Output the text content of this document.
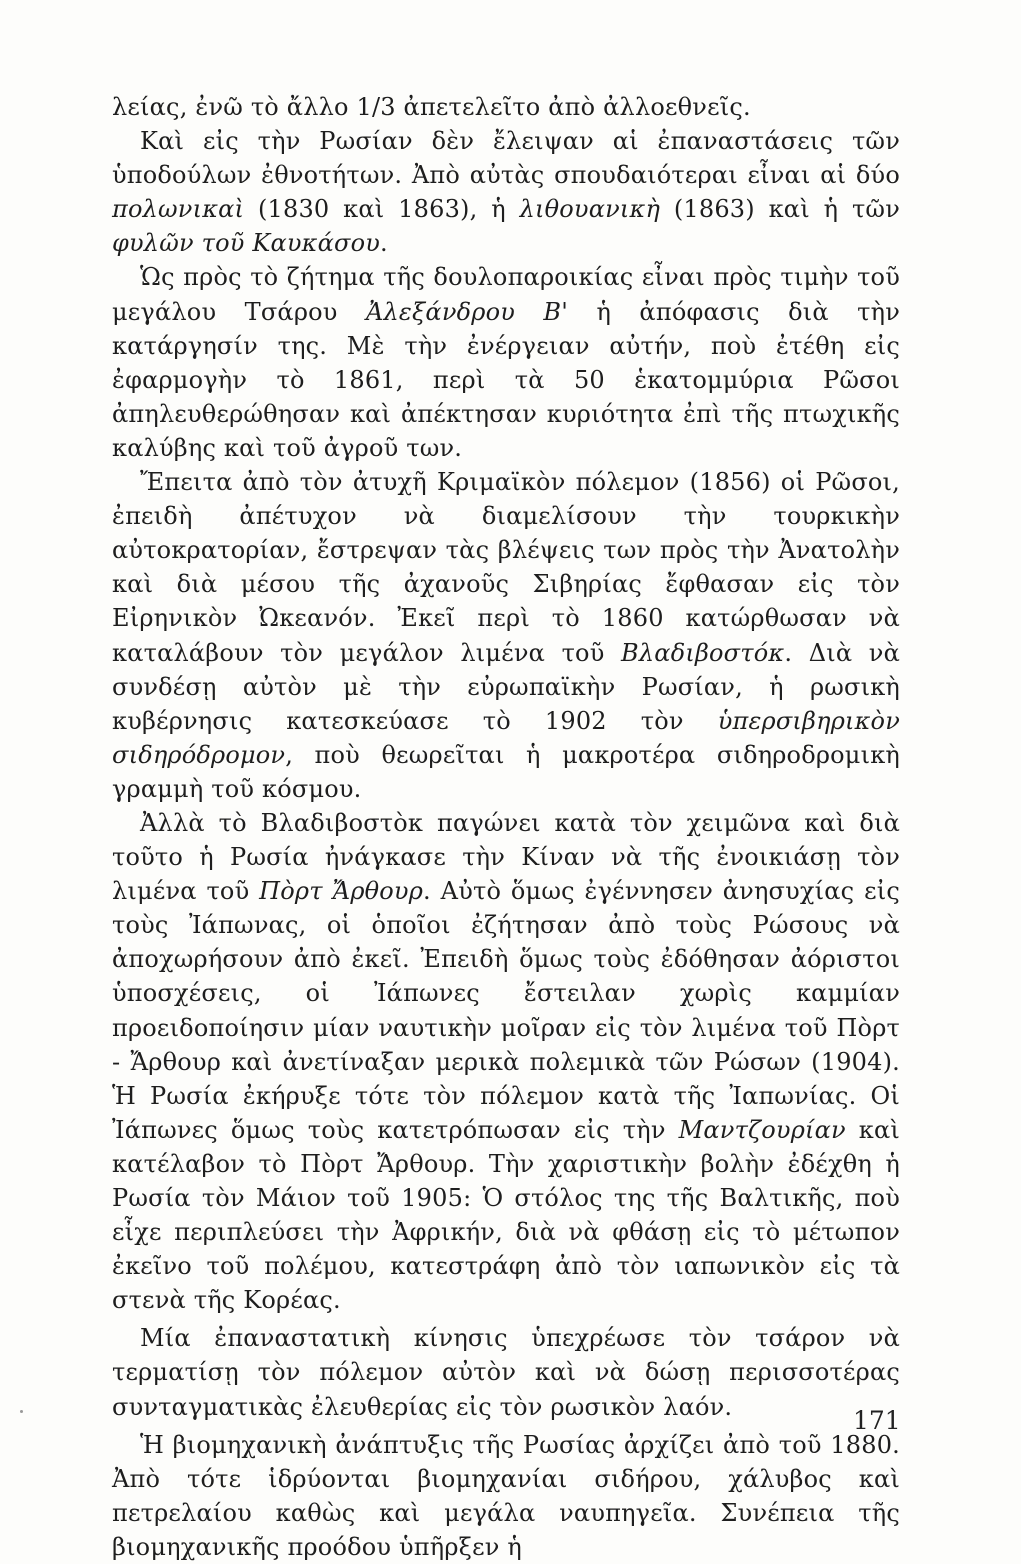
λείας, ἐνῶ τὸ ἄλλο 1/3 ἀπετελεῖτο ἀπὸ ἀλλοεθνεῖς.

Καὶ εἰς τὴν Ρωσίαν δὲν ἔλειψαν αἱ ἐπαναστάσεις τῶν ὑποδούλων ἐθνοτήτων. Ἀπὸ αὐτὰς σπουδαιότεραι εἶναι αἱ δύο πολωνικαὶ (1830 καὶ 1863), ἡ λιθουανικὴ (1863) καὶ ἡ τῶν φυλῶν τοῦ Καυκάσου.

Ὡς πρὸς τὸ ζήτημα τῆς δουλοπαροικίας εἶναι πρὸς τιμὴν τοῦ μεγάλου Τσάρου Ἀλεξάνδρου Β' ἡ ἀπόφασις διὰ τὴν κατάργησίν της. Μὲ τὴν ἐνέργειαν αὐτήν, ποὺ ἐτέθη εἰς ἐφαρμογὴν τὸ 1861, περὶ τὰ 50 ἑκατομμύρια Ρῶσοι ἀπηλευθερώθησαν καὶ ἀπέκτησαν κυριότητα ἐπὶ τῆς πτωχικῆς καλύβης καὶ τοῦ ἀγροῦ των.

Ἔπειτα ἀπὸ τὸν ἀτυχῆ Κριμαϊκὸν πόλεμον (1856) οἱ Ρῶσοι, ἐπειδὴ ἀπέτυχον νὰ διαμελίσουν τὴν τουρκικὴν αὐτοκρατορίαν, ἔστρεψαν τὰς βλέψεις των πρὸς τὴν Ἀνατολὴν καὶ διὰ μέσου τῆς ἀχανοῦς Σιβηρίας ἔφθασαν εἰς τὸν Εἰρηνικὸν Ὠκεανόν. Ἐκεῖ περὶ τὸ 1860 κατώρθωσαν νὰ καταλάβουν τὸν μεγάλον λιμένα τοῦ Βλαδιβοστόκ. Διὰ νὰ συνδέσῃ αὐτὸν μὲ τὴν εὐρωπαϊκὴν Ρωσίαν, ἡ ρωσικὴ κυβέρνησις κατεσκεύασε τὸ 1902 τὸν ὑπερσιβηρικὸν σιδηρόδρομον, ποὺ θεωρεῖται ἡ μακροτέρα σιδηροδρομικὴ γραμμὴ τοῦ κόσμου.

Ἀλλὰ τὸ Βλαδιβοστὸκ παγώνει κατὰ τὸν χειμῶνα καὶ διὰ τοῦτο ἡ Ρωσία ἠνάγκασε τὴν Κίναν νὰ τῆς ἐνοικιάσῃ τὸν λιμένα τοῦ Πὸρτ Ἄρθουρ. Αὐτὸ ὅμως ἐγέννησεν ἀνησυχίας εἰς τοὺς Ἰάπωνας, οἱ ὁποῖοι ἐζήτησαν ἀπὸ τοὺς Ρώσους νὰ ἀποχωρήσουν ἀπὸ ἐκεῖ. Ἐπειδὴ ὅμως τοὺς ἐδόθησαν ἀόριστοι ὑποσχέσεις, οἱ Ἰάπωνες ἔστειλαν χωρὶς καμμίαν προειδοποίησιν μίαν ναυτικὴν μοῖραν εἰς τὸν λιμένα τοῦ Πὸρτ - Ἄρθουρ καὶ ἀνετίναξαν μερικὰ πολεμικὰ τῶν Ρώσων (1904). Ἡ Ρωσία ἐκήρυξε τότε τὸν πόλεμον κατὰ τῆς Ἰαπωνίας. Οἱ Ἰάπωνες ὅμως τοὺς κατετρόπωσαν εἰς τὴν Μαντζουρίαν καὶ κατέλαβον τὸ Πὸρτ Ἄρθουρ. Τὴν χαριστικὴν βολὴν ἐδέχθη ἡ Ρωσία τὸν Μάιον τοῦ 1905: Ὁ στόλος της τῆς Βαλτικῆς, ποὺ εἶχε περιπλεύσει τὴν Ἀφρικήν, διὰ νὰ φθάσῃ εἰς τὸ μέτωπον ἐκεῖνο τοῦ πολέμου, κατεστράφη ἀπὸ τὸν ιαπωνικὸν εἰς τὰ στενὰ τῆς Κορέας.

Μία ἐπαναστατικὴ κίνησις ὑπεχρέωσε τὸν τσάρον νὰ τερματίσῃ τὸν πόλεμον αὐτὸν καὶ νὰ δώσῃ περισσοτέρας συνταγματικὰς ἐλευθερίας εἰς τὸν ρωσικὸν λαόν.

Ἡ βιομηχανικὴ ἀνάπτυξις τῆς Ρωσίας ἀρχίζει ἀπὸ τοῦ 1880. Ἀπὸ τότε ἱδρύονται βιομηχανίαι σιδήρου, χάλυβος καὶ πετρελαίου καθὼς καὶ μεγάλα ναυπηγεῖα. Συνέπεια τῆς βιομηχανικῆς προόδου ὑπῆρξεν ἡ

171
